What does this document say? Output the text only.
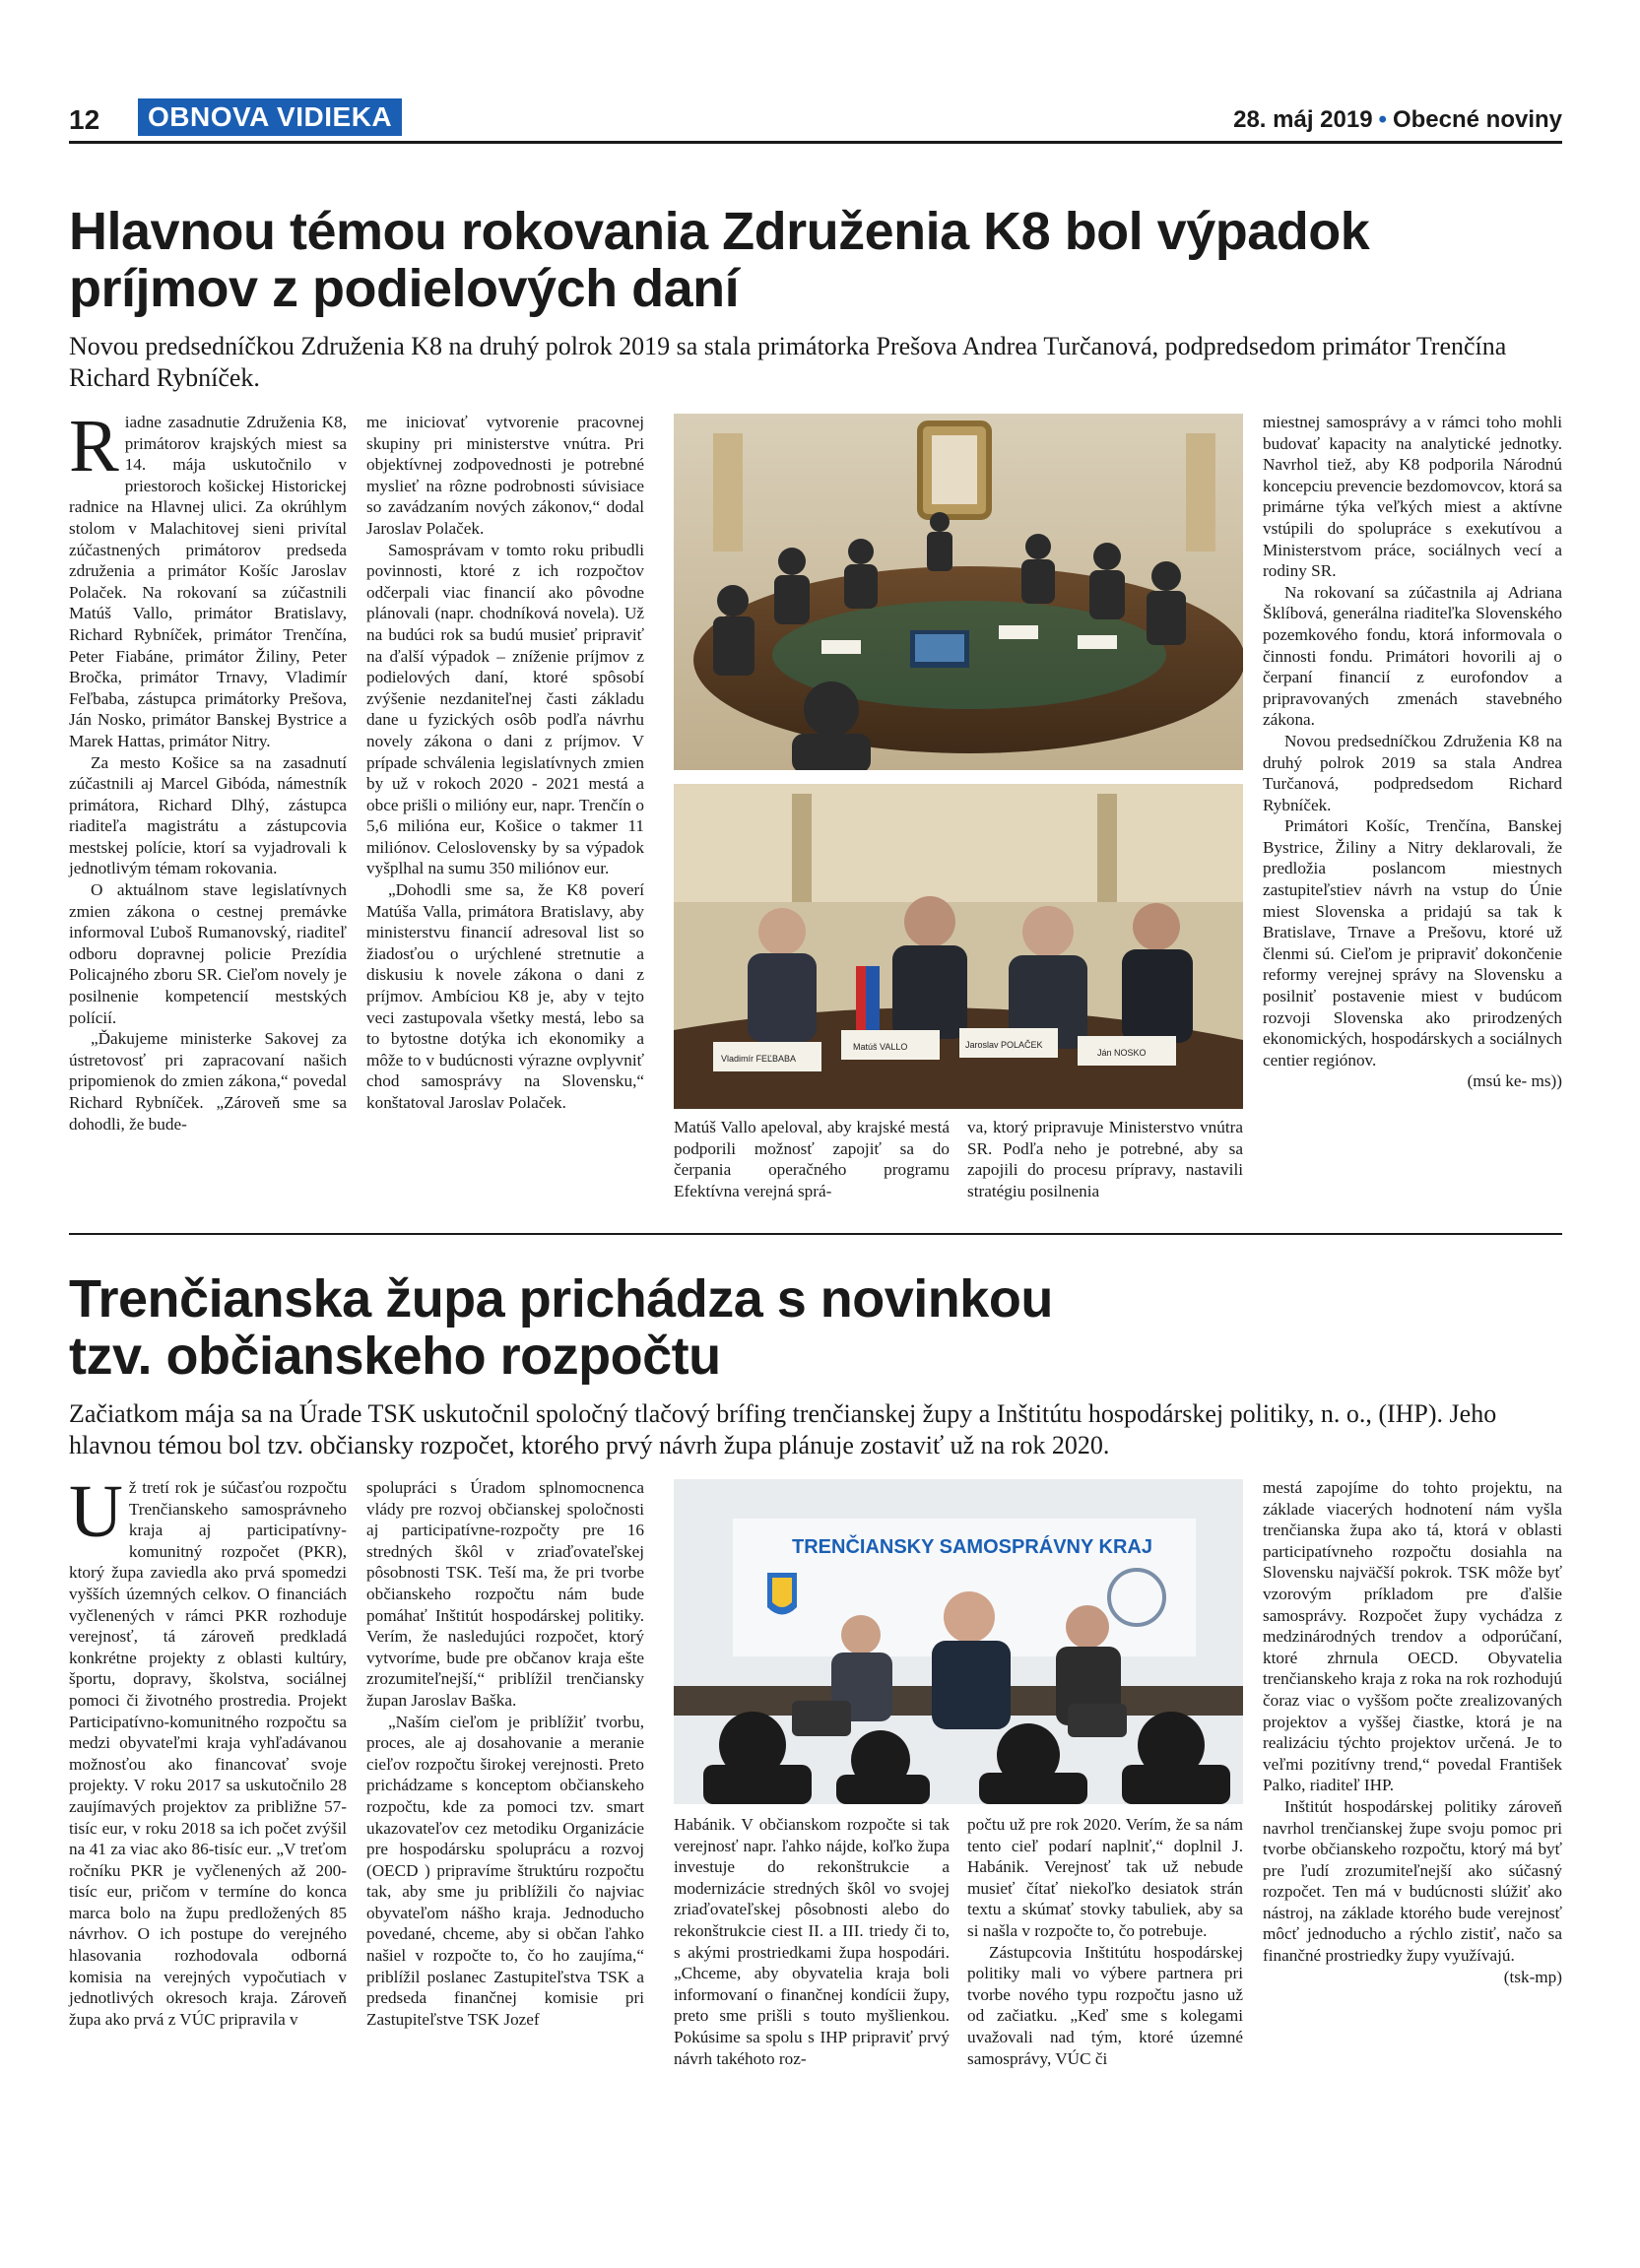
12	OBNOVA VIDIEKA	28. máj 2019 • Obecné noviny
Hlavnou témou rokovania Združenia K8 bol výpadok
príjmov z podielových daní
Novou predsedníčkou Združenia K8 na druhý polrok 2019 sa stala primátorka Prešova Andrea Turčanová, podpredsedom primátor Trenčína Richard Rybníček.

Riadne zasadnutie Združenia K8, primátorov krajských miest sa 14. mája uskutočnilo v priestoroch košickej Historickej radnice na Hlavnej ulici. Za okrúhlym stolom v Malachitovej sieni privítal zúčastnených primátorov predseda združenia a primátor Košíc Jaroslav Polaček. Na rokovaní sa zúčastnili Matúš Vallo, primátor Bratislavy, Richard Rybníček, primátor Trenčína, Peter Fiabáne, primátor Žiliny, Peter Bročka, primátor Trnavy, Vladimír Feľbaba, zástupca primátorky Prešova, Ján Nosko, primátor Banskej Bystrice a Marek Hattas, primátor Nitry.

Za mesto Košice sa na zasadnutí zúčastnili aj Marcel Gibóda, námestník primátora, Richard Dlhý, zástupca riaditeľa magistrátu a zástupcovia mestskej polície, ktorí sa vyjadrovali k jednotlivým témam rokovania.

O aktuálnom stave legislatívnych zmien zákona o cestnej premávke informoval Ľuboš Rumanovský, riaditeľ odboru dopravnej policie Prezídia Policajného zboru SR. Cieľom novely je posilnenie kompetencií mestských polícií.

„Ďakujeme ministerke Sakovej za ústretovosť pri zapracovaní našich pripomienok do zmien zákona,“ povedal Richard Rybníček. „Zároveň sme sa dohodli, že bude-

me iniciovať vytvorenie pracovnej skupiny pri ministerstve vnútra. Pri objektívnej zodpovednosti je potrebné myslieť na rôzne podrobnosti súvisiace so zavádzaním nových zákonov,“ dodal Jaroslav Polaček.

Samosprávam v tomto roku pribudli povinnosti, ktoré z ich rozpočtov odčerpali viac financií ako pôvodne plánovali (napr. chodníková novela). Už na budúci rok sa budú musieť pripraviť na ďalší výpadok – zníženie príjmov z podielových daní, ktoré spôsobí zvýšenie nezdaniteľnej časti základu dane u fyzických osôb podľa návrhu novely zákona o dani z príjmov. V prípade schválenia legislatívnych zmien by už v rokoch 2020 - 2021 mestá a obce prišli o milióny eur, napr. Trenčín o 5,6 milióna eur, Košice o takmer 11 miliónov. Celoslovensky by sa výpadok vyšplhal na sumu 350 miliónov eur.

„Dohodli sme sa, že K8 poverí Matúša Valla, primátora Bratislavy, aby ministerstvu financií adresoval list so žiadosťou o urýchlené stretnutie a diskusiu k novele zákona o dani z príjmov. Ambíciou K8 je, aby v tejto veci zastupovala všetky mestá, lebo sa to bytostne dotýka ich ekonomiky a môže to v budúcnosti výrazne ovplyvniť chod samosprávy na Slovensku,“ konštatoval Jaroslav Polaček.

Vladimír FEĽBABA
Matúš VALLO	Jaroslav POLAČEK
Ján NOSKO
Matúš Vallo apeloval, aby krajské mestá podporili možnosť zapojiť sa do čerpania operačného programu Efektívna verejná sprá-
va, ktorý pripravuje Ministerstvo vnútra SR. Podľa neho je potrebné, aby sa zapojili do procesu prípravy, nastavili stratégiu posilnenia

miestnej samosprávy a v rámci toho mohli budovať kapacity na analytické jednotky. Navrhol tiež, aby K8 podporila Národnú koncepciu prevencie bezdomovcov, ktorá sa primárne týka veľkých miest a aktívne vstúpili do spolupráce s exekutívou a Ministerstvom práce, sociálnych vecí a rodiny SR.

Na rokovaní sa zúčastnila aj Adriana Šklíbová, generálna riaditeľka Slovenského pozemkového fondu, ktorá informovala o činnosti fondu. Primátori hovorili aj o čerpaní financií z eurofondov a pripravovaných zmenách stavebného zákona.

Novou predsedníčkou Združenia K8 na druhý polrok 2019 sa stala Andrea Turčanová, podpredsedom Richard Rybníček.

Primátori Košíc, Trenčína, Banskej Bystrice, Žiliny a Nitry deklarovali, že predložia poslancom miestnych zastupiteľstiev návrh na vstup do Únie miest Slovenska a pridajú sa tak k Bratislave, Trnave a Prešovu, ktoré už členmi sú. Cieľom je pripraviť dokončenie reformy verejnej správy na Slovensku a posilniť postavenie miest v budúcom rozvoji Slovenska ako prirodzených ekonomických, hospodárskych a sociálnych centier regiónov.

(msú ke- ms))

Trenčianska župa prichádza s novinkou
tzv. občianskeho rozpočtu
Začiatkom mája sa na Úrade TSK uskutočnil spoločný tlačový brífing trenčianskej župy a Inštitútu hospodárskej politiky, n. o., (IHP). Jeho hlavnou témou bol tzv. občiansky rozpočet, ktorého prvý návrh župa plánuje zostaviť už na rok 2020.

Už tretí rok je súčasťou rozpočtu Trenčianskeho samosprávneho kraja aj participatívny-komunitný rozpočet (PKR), ktorý župa zaviedla ako prvá spomedzi vyšších územných celkov. O financiách vyčlenených v rámci PKR rozhoduje verejnosť, tá zároveň predkladá konkrétne projekty z oblasti kultúry, športu, dopravy, školstva, sociálnej pomoci či životného prostredia. Projekt Participatívno-komunitného rozpočtu sa medzi obyvateľmi kraja vyhľadávanou možnosťou ako financovať svoje projekty. V roku 2017 sa uskutočnilo 28 zaujímavých projektov za približne 57-tisíc eur, v roku 2018 sa ich počet zvýšil na 41 za viac ako 86-tisíc eur. „V treťom ročníku PKR je vyčlenených až 200-tisíc eur, pričom v termíne do konca marca bolo na župu predložených 85 návrhov. O ich postupe do verejného hlasovania rozhodovala odborná komisia na verejných vypočutiach v jednotlivých okresoch kraja. Zároveň župa ako prvá z VÚC pripravila v

spolupráci s Úradom splnomocnenca vlády pre rozvoj občianskej spoločnosti aj participatívne-rozpočty pre 16 stredných škôl v zriaďovateľskej pôsobnosti TSK. Teší ma, že pri tvorbe občianskeho rozpočtu nám bude pomáhať Inštitút hospodárskej politiky. Verím, že nasledujúci rozpočet, ktorý vytvoríme, bude pre občanov kraja ešte zrozumiteľnejší,“ priblížil trenčiansky župan Jaroslav Baška.

„Naším cieľom je priblížiť tvorbu, proces, ale aj dosahovanie a meranie cieľov rozpočtu širokej verejnosti. Preto prichádzame s konceptom občianskeho rozpočtu, kde za pomoci tzv. smart ukazovateľov cez metodiku Organizácie pre hospodársku spoluprácu a rozvoj (OECD ) pripravíme štruktúru rozpočtu tak, aby sme ju priblížili čo najviac obyvateľom nášho kraja. Jednoducho povedané, chceme, aby si občan ľahko našiel v rozpočte to, čo ho zaujíma,“ priblížil poslanec Zastupiteľstva TSK a predseda finančnej komisie pri Zastupiteľstve TSK Jozef

TRENČIANSKY SAMOSPRÁVNY KRAJ

Habánik. V občianskom rozpočte si tak verejnosť napr. ľahko nájde, koľko župa investuje do rekonštrukcie a modernizácie stredných škôl vo svojej zriaďovateľskej pôsobnosti alebo do rekonštrukcie ciest II. a III. triedy či to, s akými prostriedkami župa hospodári. „Chceme, aby obyvatelia kraja boli informovaní o finančnej kondícii župy, preto sme prišli s touto myšlienkou. Pokúsime sa spolu s IHP pripraviť prvý návrh takéhoto roz-

počtu už pre rok 2020. Verím, že sa nám tento cieľ podarí naplniť,“ doplnil J. Habánik. Verejnosť tak už nebude musieť čítať niekoľko desiatok strán textu a skúmať stovky tabuliek, aby sa si našla v rozpočte to, čo potrebuje.

Zástupcovia Inštitútu hospodárskej politiky mali vo výbere partnera pri tvorbe nového typu rozpočtu jasno už od začiatku. „Keď sme s kolegami uvažovali nad tým, ktoré územné samosprávy, VÚC či

mestá zapojíme do tohto projektu, na základe viacerých hodnotení nám vyšla trenčianska župa ako tá, ktorá v oblasti participatívneho rozpočtu dosiahla na Slovensku najväčší pokrok. TSK môže byť vzorovým príkladom pre ďalšie samosprávy. Rozpočet župy vychádza z medzinárodných trendov a odporúčaní, ktoré zhrnula OECD. Obyvatelia trenčianskeho kraja z roka na rok rozhodujú čoraz viac o vyššom počte zrealizovaných projektov a vyššej čiastke, ktorá je na realizáciu týchto projektov určená. Je to veľmi pozitívny trend,“ povedal František Palko, riaditeľ IHP.

Inštitút hospodárskej politiky zároveň navrhol trenčianskej župe svoju pomoc pri tvorbe občianskeho rozpočtu, ktorý má byť pre ľudí zrozumiteľnejší ako súčasný rozpočet. Ten má v budúcnosti slúžiť ako nástroj, na základe ktorého bude verejnosť môcť jednoducho a rýchlo zistiť, načo sa finančné prostriedky župy využívajú.

(tsk-mp)
